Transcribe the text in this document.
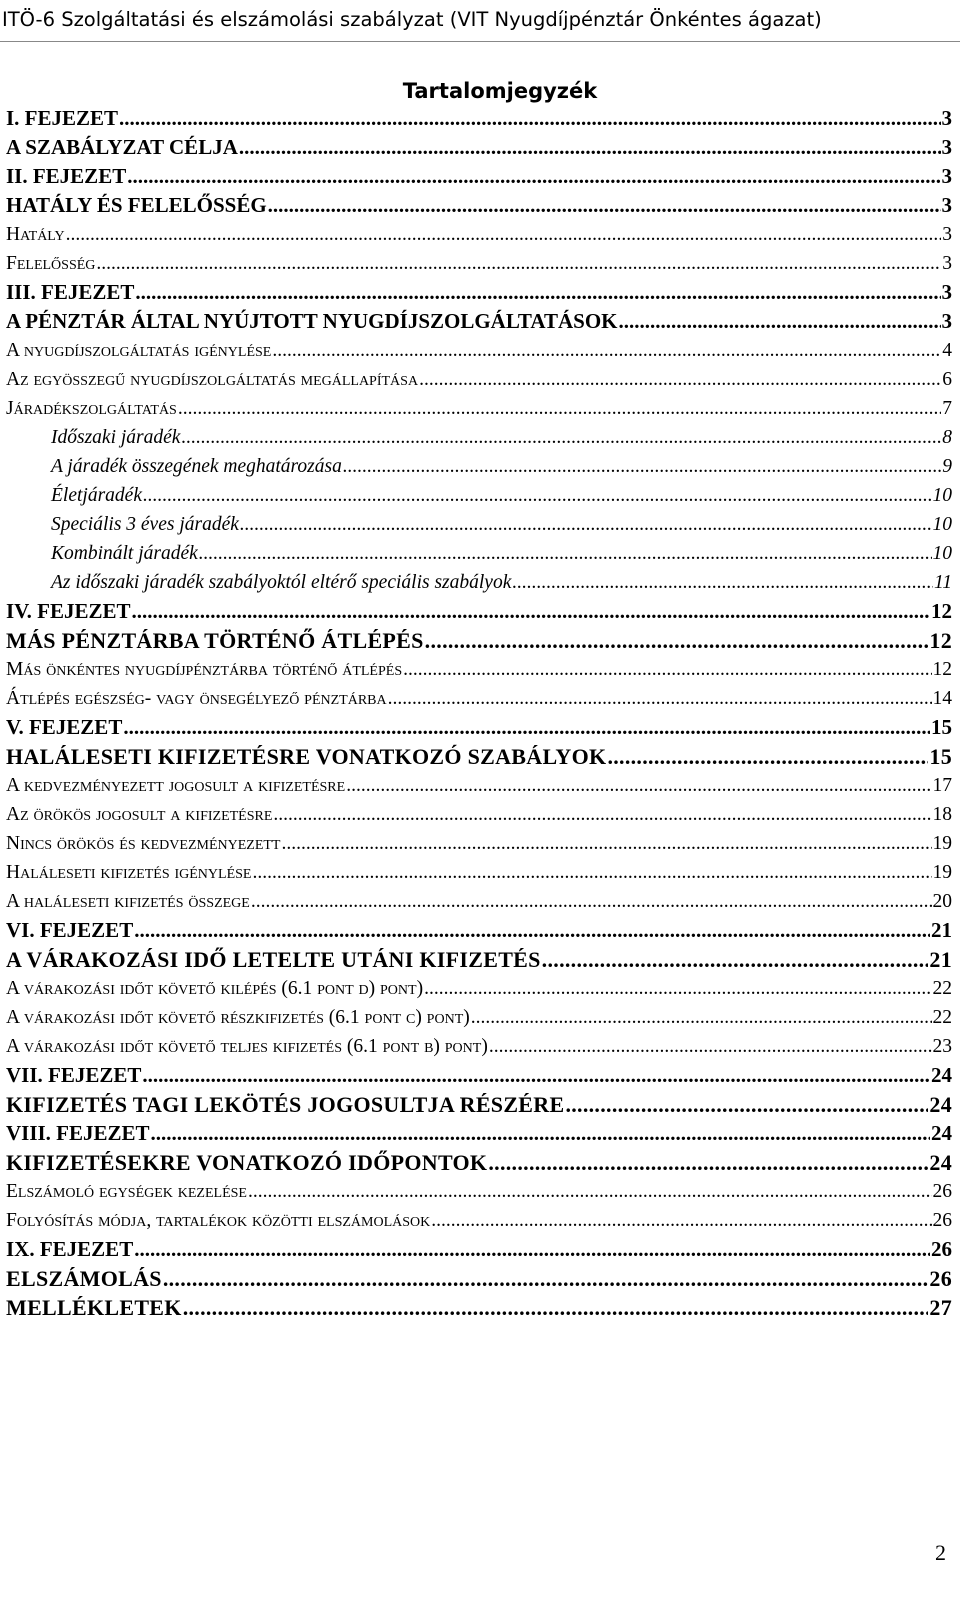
ITÖ-6 Szolgáltatási és elszámolási szabályzat (VIT Nyugdíjpénztár Önkéntes ágazat)
Tartalomjegyzék
I. FEJEZET .....	3
A SZABÁLYZAT CÉLJA .....	3
II. FEJEZET .....	3
HATÁLY ÉS FELELŐSSÉG .....	3
Hatály .....	3
Felelősség .....	3
III. FEJEZET .....	3
A PÉNZTÁR ÁLTAL NYÚJTOTT NYUGDÍJSZOLGÁLTATÁSOK .....	3
A nyugdíjszolgáltatás igénylése .....	4
Az egyösszegű nyugdíjszolgáltatás megállapítása .....	6
Járadékszolgáltatás .....	7
Időszaki járadék .....	8
A járadék összegének meghatározása .....	9
Életjáradék .....	10
Speciális 3 éves járadék .....	10
Kombinált járadék .....	10
Az időszaki járadék szabályoktól eltérő speciális szabályok .....	11
IV. FEJEZET .....	12
MÁS PÉNZTÁRBA TÖRTÉNŐ ÁTLÉPÉS .....	12
Más önkéntes nyugdíjpénztárba történő átlépés .....	12
Átlépés egészség- vagy önsegélyező pénztárba .....	14
V. FEJEZET .....	15
HALÁLESETI KIFIZETÉSRE VONATKOZÓ SZABÁLYOK .....	15
A kedvezményezett jogosult a kifizetésre .....	17
Az örökös jogosult a kifizetésre .....	18
Nincs örökös és kedvezményezett .....	19
Haláleseti kifizetés igénylése .....	19
A haláleseti kifizetés összege .....	20
VI. FEJEZET .....	21
A VÁRAKOZÁSI IDŐ LETELTE UTÁNI KIFIZETÉS .....	21
A várakozási időt követő kilépés (6.1 pont d) pont) .....	22
A várakozási időt követő részkifizetés (6.1 pont c) pont) .....	22
A várakozási időt követő teljes kifizetés (6.1 pont b) pont) .....	23
VII. FEJEZET .....	24
KIFIZETÉS TAGI LEKÖTÉS JOGOSULTJA RÉSZÉRE .....	24
VIII. FEJEZET .....	24
KIFIZETÉSEKRE VONATKOZÓ IDŐPONTOK .....	24
Elszámoló egységek kezelése .....	26
Folyósítás módja, tartalékok közötti elszámolások .....	26
IX. FEJEZET .....	26
ELSZÁMOLÁS .....	26
MELLÉKLETEK .....	27
2
